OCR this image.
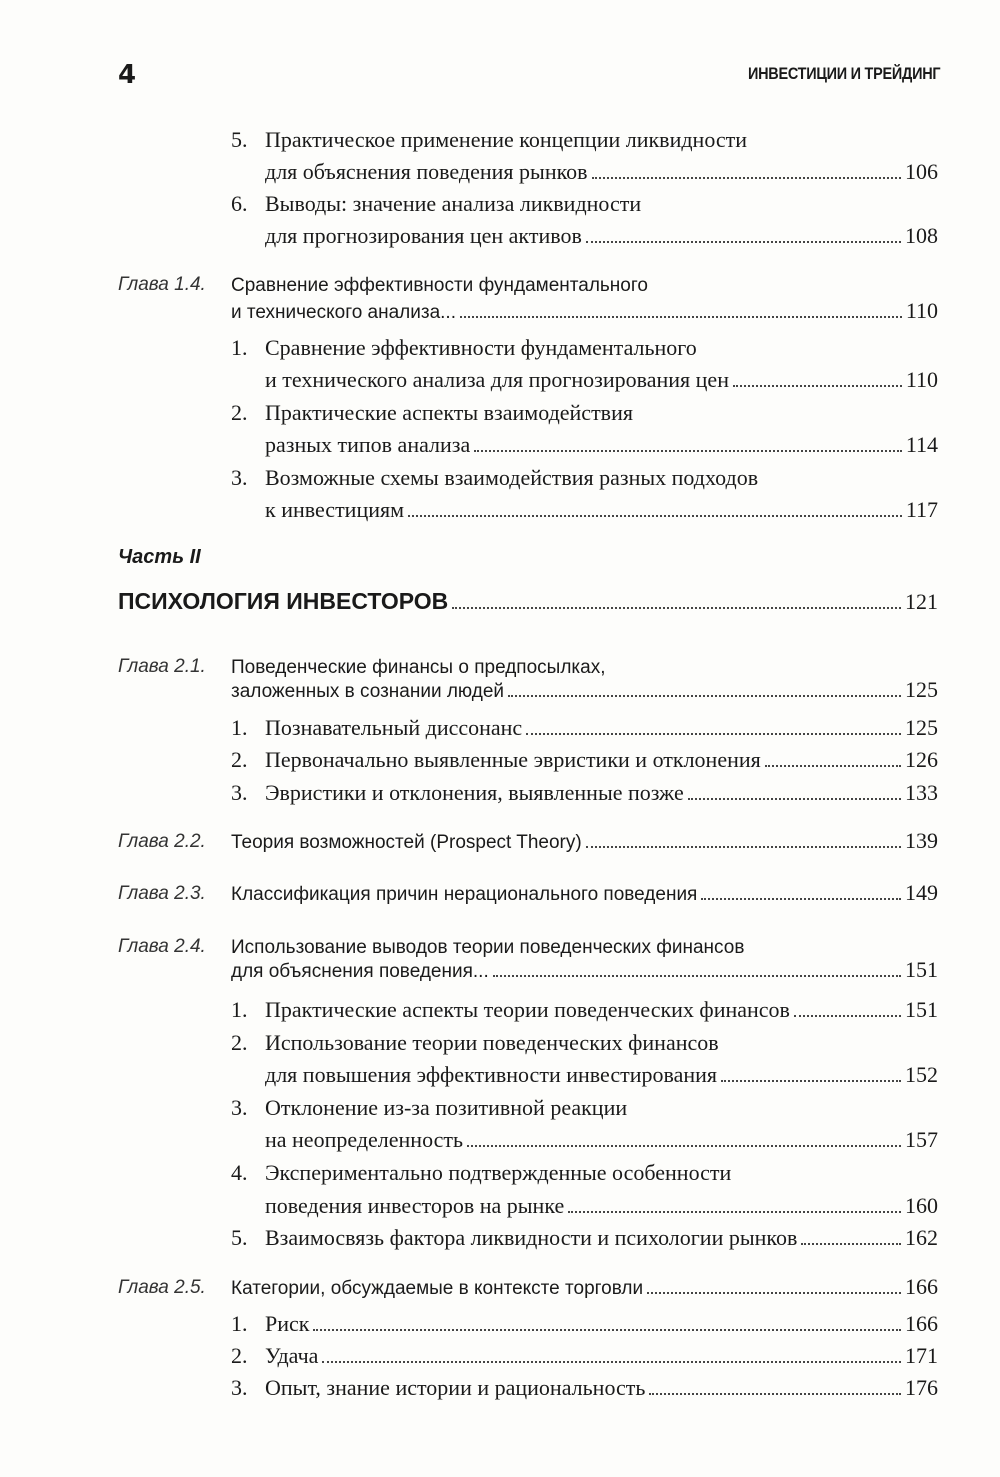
4	ИНВЕСТИЦИИ И ТРЕЙДИНГ
5. Практическое применение концепции ликвидности
для объяснения поведения рынков	106
6. Выводы: значение анализа ликвидности
для прогнозирования цен активов	108
Глава 1.4. Сравнение эффективности фундаментального
и технического анализа...	110
1. Сравнение эффективности фундаментального
и технического анализа для прогнозирования цен	110
2. Практические аспекты взаимодействия
разных типов анализа	114
3. Возможные схемы взаимодействия разных подходов
к инвестициям	117
Часть II
ПСИХОЛОГИЯ ИНВЕСТОРОВ	121
Глава 2.1. Поведенческие финансы о предпосылках,
заложенных в сознании людей	125
1. Познавательный диссонанс	125
2. Первоначально выявленные эвристики и отклонения	126
3. Эвристики и отклонения, выявленные позже	133
Глава 2.2. Теория возможностей (Prospect Theory)	139
Глава 2.3. Классификация причин нерационального поведения	149
Глава 2.4. Использование выводов теории поведенческих финансов
для объяснения поведения...	151
1. Практические аспекты теории поведенческих финансов	151
2. Использование теории поведенческих финансов
для повышения эффективности инвестирования	152
3. Отклонение из-за позитивной реакции
на неопределенность	157
4. Экспериментально подтвержденные особенности
поведения инвесторов на рынке	160
5. Взаимосвязь фактора ликвидности и психологии рынков	162
Глава 2.5. Категории, обсуждаемые в контексте торговли	166
1. Риск	166
2. Удача	171
3. Опыт, знание истории и рациональность	176
